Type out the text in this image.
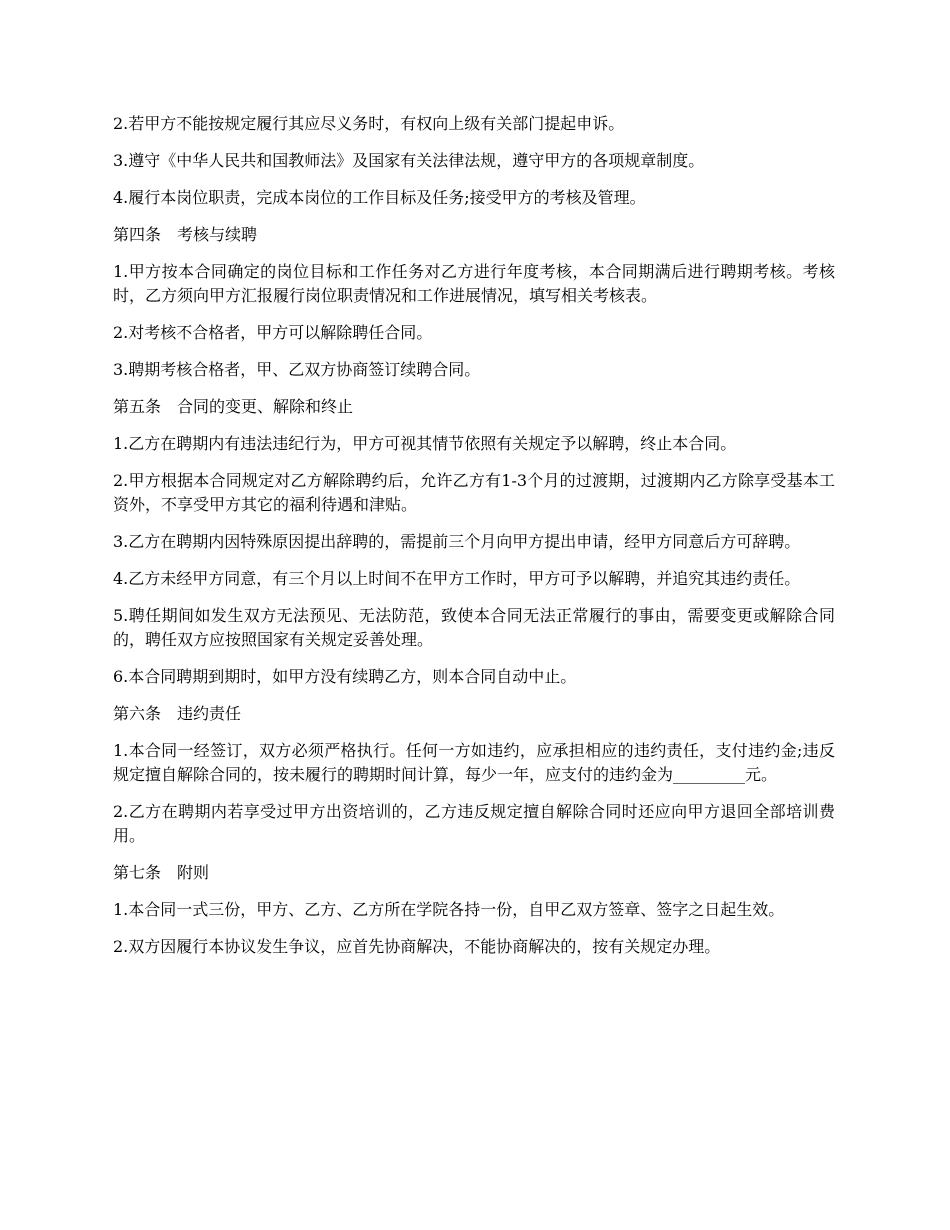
2.若甲方不能按规定履行其应尽义务时，有权向上级有关部门提起申诉。

3.遵守《中华人民共和国教师法》及国家有关法律法规，遵守甲方的各项规章制度。

4.履行本岗位职责，完成本岗位的工作目标及任务;接受甲方的考核及管理。

第四条　考核与续聘

1.甲方按本合同确定的岗位目标和工作任务对乙方进行年度考核，本合同期满后进行聘期考核。考核时，乙方须向甲方汇报履行岗位职责情况和工作进展情况，填写相关考核表。

2.对考核不合格者，甲方可以解除聘任合同。

3.聘期考核合格者，甲、乙双方协商签订续聘合同。

第五条　合同的变更、解除和终止

1.乙方在聘期内有违法违纪行为，甲方可视其情节依照有关规定予以解聘，终止本合同。

2.甲方根据本合同规定对乙方解除聘约后，允许乙方有1-3个月的过渡期，过渡期内乙方除享受基本工资外，不享受甲方其它的福利待遇和津贴。

3.乙方在聘期内因特殊原因提出辞聘的，需提前三个月向甲方提出申请，经甲方同意后方可辞聘。

4.乙方未经甲方同意，有三个月以上时间不在甲方工作时，甲方可予以解聘，并追究其违约责任。

5.聘任期间如发生双方无法预见、无法防范，致使本合同无法正常履行的事由，需要变更或解除合同的，聘任双方应按照国家有关规定妥善处理。

6.本合同聘期到期时，如甲方没有续聘乙方，则本合同自动中止。

第六条　违约责任

1.本合同一经签订，双方必须严格执行。任何一方如违约，应承担相应的违约责任，支付违约金;违反规定擅自解除合同的，按未履行的聘期时间计算，每少一年，应支付的违约金为_________元。

2.乙方在聘期内若享受过甲方出资培训的，乙方违反规定擅自解除合同时还应向甲方退回全部培训费用。

第七条　附则

1.本合同一式三份，甲方、乙方、乙方所在学院各持一份，自甲乙双方签章、签字之日起生效。

2.双方因履行本协议发生争议，应首先协商解决，不能协商解决的，按有关规定办理。
